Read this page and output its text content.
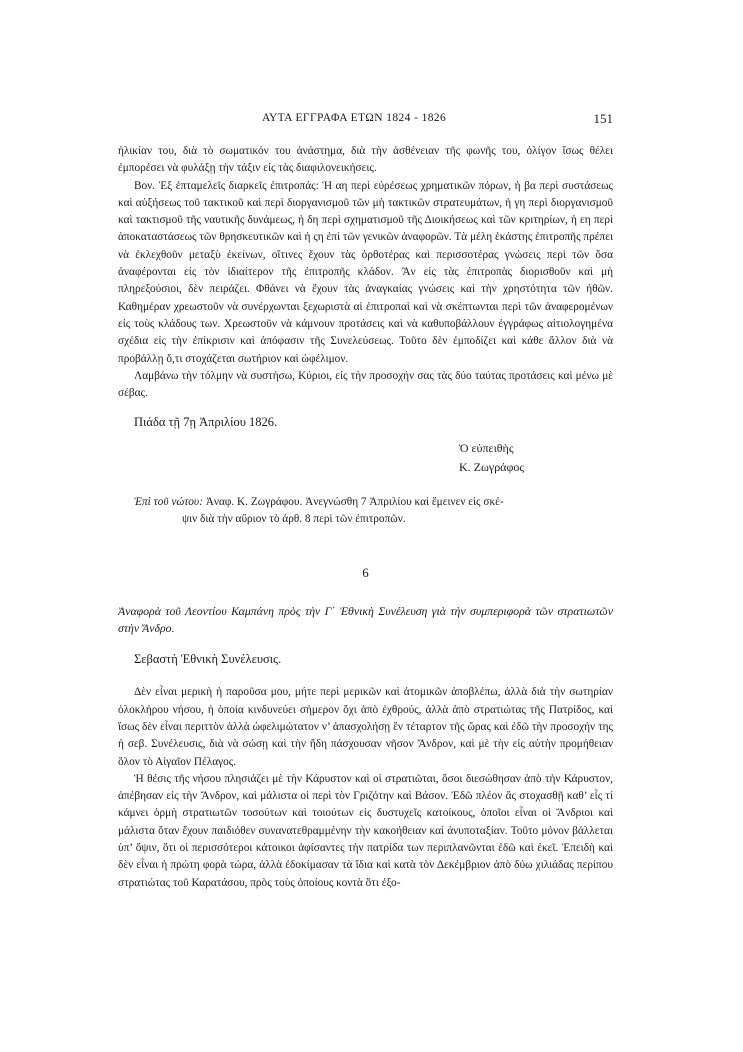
ΑΥΤΑ ΕΓΓΡΑΦΑ ΕΤΩΝ 1824 - 1826	151

ἡλικίαν του, διὰ τὸ σωματικόν του ἀνάστημα, διὰ τὴν ἀσθένειαν τῆς φωνῆς του, ὀλίγον ἴσως θέλει ἐμπορέσει νὰ φυλάξῃ τὴν τάξιν εἰς τὰς διαφιλονεικήσεις.

Βον. Ἐξ ἐπταμελεῖς διαρκεῖς ἐπιτροπάς: Ἡ αη περὶ εὑρέσεως χρηματικῶν πόρων, ἡ βα περὶ συστάσεως καὶ αὐξήσεως τοῦ τακτικοῦ καὶ περὶ διοργανισμοῦ τῶν μὴ τακτικῶν στρατευμάτων, ἡ γη περὶ διοργανισμοῦ καὶ τακτισμοῦ τῆς ναυτικῆς δυνάμεως, ἡ δη περὶ σχηματισμοῦ τῆς Διοικήσεως καὶ τῶν κριτηρίων, ἡ εη περὶ ἀποκαταστάσεως τῶν θρησκευτικῶν καὶ ἡ ςη ἐπὶ τῶν γενικῶν ἀναφορῶν. Τὰ μέλη ἑκάστης ἐπιτροπῆς πρέπει νὰ ἐκλεχθοῦν μεταξὺ ἐκείνων, οἵτινες ἔχουν τὰς ὀρθοτέρας καὶ περισσοτέρας γνώσεις περὶ τῶν ὅσα ἀναφέρονται εἰς τὸν ἰδιαίτερον τῆς ἐπιτροπῆς κλάδον. Ἂν εἰς τὰς ἐπιτροπὰς διορισθοῦν καὶ μὴ πληρεξούσιοι, δὲν πειράζει. Φθάνει νὰ ἔχουν τὰς ἀναγκαίας γνώσεις καὶ τὴν χρηστότητα τῶν ἠθῶν. Καθημέραν χρεωστοῦν νὰ συνέρχωνται ξεχωριστὰ αἱ ἐπιτροπαὶ καὶ νὰ σκέπτωνται περὶ τῶν ἀναφερομένων εἰς τοὺς κλάδους των. Χρεωστοῦν νὰ κάμνουν προτάσεις καὶ νὰ καθυποβάλλουν ἐγγράφως αἰτιολογημένα σχέδια εἰς τὴν ἐπίκρισιν καὶ ἀπόφασιν τῆς Συνελεύσεως. Τοῦτο δὲν ἐμποδίζει καὶ κάθε ἄλλον διὰ νὰ προβάλλῃ ὅ,τι στοχάζεται σωτήριον καὶ ὠφέλιμον.

Λαμβάνω τὴν τόλμην νὰ συστήσω, Κύριοι, εἰς τὴν προσοχήν σας τὰς δύο ταύτας προτάσεις καὶ μένω μὲ σέβας.

Πιάδα τῇ 7ῃ Ἀπριλίου 1826.

Ὁ εὐπειθὴς
Κ. Ζωγράφος
Ἐπὶ τοῦ νώτου: Ἀναφ. Κ. Ζωγράφου. Ἀνεγνώσθη 7 Ἀπριλίου καὶ ἔμεινεν εἰς σκέ-
ψιν διὰ τὴν αὔριον τὸ ἀρθ. 8 περὶ τῶν ἐπιτροπῶν.
6
Ἀναφορὰ τοῦ Λεοντίου Καμπάνη πρὸς τὴν Γ΄ Ἐθνικὴ Συνέλευση γιὰ τὴν συμπεριφορὰ τῶν στρατιωτῶν στὴν Ἄνδρο.

Σεβαστὴ Ἐθνικὴ Συνέλευσις.

Δὲν εἶναι μερικὴ ἡ παροῦσα μου, μήτε περὶ μερικῶν καὶ ἀτομικῶν ἀποβλέπω, ἀλλὰ διὰ τὴν σωτηρίαν ὁλοκλήρου νήσου, ἡ ὁποία κινδυνεύει σήμερον ὄχι ἀπὸ ἐχθρούς, ἀλλὰ ἀπὸ στρατιώτας τῆς Πατρίδος, καὶ ἴσως δὲν εἶναι περιττὸν ἀλλὰ ὠφελιμώτατον ν’ ἀπασχολήσῃ ἓν τέταρτον τῆς ὥρας καὶ ἐδῶ τὴν προσοχήν της ἡ σεβ. Συνέλευσις, διὰ νὰ σώσῃ καὶ τὴν ἤδη πάσχουσαν νῆσον Ἄνδρον, καὶ μὲ τὴν εἰς αὐτὴν προμήθειαν ὅλον τὸ Αἰγαῖον Πέλαγος.

Ἡ θέσις τῆς νήσου πλησιάζει μὲ τὴν Κάρυστον καὶ οἱ στρατιῶται, ὅσοι διεσώθησαν ἀπὸ τὴν Κάρυστον, ἀπέβησαν εἰς τὴν Ἄνδρον, καὶ μάλιστα οἱ περὶ τὸν Γριζότην καὶ Βάσον. Ἐδῶ πλέον ἂς στοχασθῇ καθ’ εἷς τί κάμνει ὁρμὴ στρατιωτῶν τοσούτων καὶ τοιούτων εἰς δυστυχεῖς κατοίκους, ὁποῖοι εἶναι οἱ Ἄνδριοι καὶ μάλιστα ὅταν ἔχουν παιδιόθεν συνανατεθραμμένην τὴν κακοήθειαν καὶ ἀνυποταξίαν. Τοῦτο μόνον βάλλεται ὑπ’ ὄψιν, ὅτι οἱ περισσότεροι κάτοικοι ἀφίσαντες τὴν πατρίδα των περιπλανῶνται ἐδῶ καὶ ἐκεῖ. Ἐπειδὴ καὶ δὲν εἶναι ἡ πρώτη φορὰ τώρα, ἀλλὰ ἐδοκίμασαν τὰ ἴδια καὶ κατὰ τὸν Δεκέμβριον ἀπὸ δύω χιλιάδας περίπου στρατιώτας τοῦ Καρατάσου, πρὸς τοὺς ὁποίους κοντὰ ὅτι ἐξο-
